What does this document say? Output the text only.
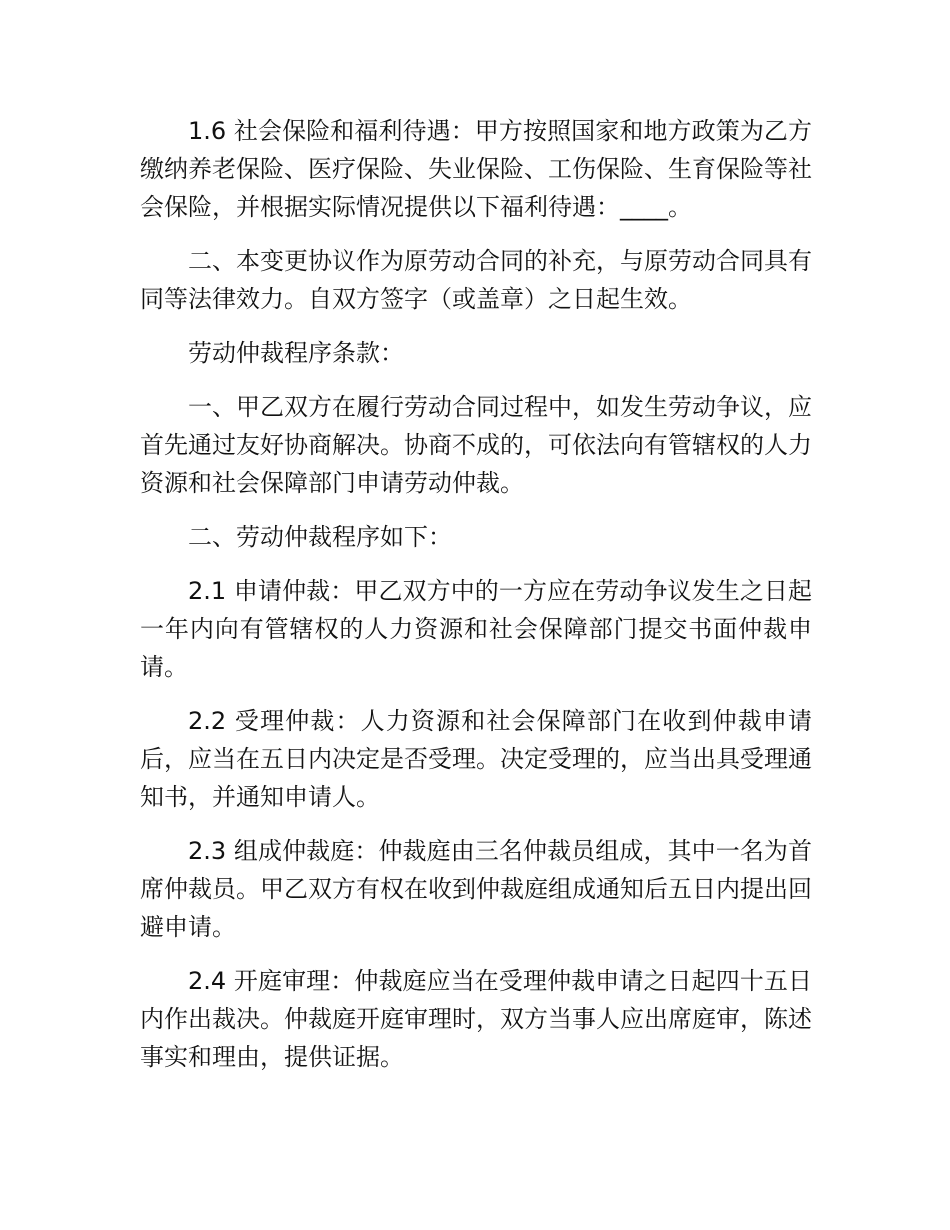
1.6 社会保险和福利待遇：甲方按照国家和地方政策为乙方缴纳养老保险、医疗保险、失业保险、工伤保险、生育保险等社会保险，并根据实际情况提供以下福利待遇：____。

二、本变更协议作为原劳动合同的补充，与原劳动合同具有同等法律效力。自双方签字（或盖章）之日起生效。

劳动仲裁程序条款：

一、甲乙双方在履行劳动合同过程中，如发生劳动争议，应首先通过友好协商解决。协商不成的，可依法向有管辖权的人力资源和社会保障部门申请劳动仲裁。

二、劳动仲裁程序如下：

2.1 申请仲裁：甲乙双方中的一方应在劳动争议发生之日起一年内向有管辖权的人力资源和社会保障部门提交书面仲裁申请。

2.2 受理仲裁：人力资源和社会保障部门在收到仲裁申请后，应当在五日内决定是否受理。决定受理的，应当出具受理通知书，并通知申请人。

2.3 组成仲裁庭：仲裁庭由三名仲裁员组成，其中一名为首席仲裁员。甲乙双方有权在收到仲裁庭组成通知后五日内提出回避申请。

2.4 开庭审理：仲裁庭应当在受理仲裁申请之日起四十五日内作出裁决。仲裁庭开庭审理时，双方当事人应出席庭审，陈述事实和理由，提供证据。
